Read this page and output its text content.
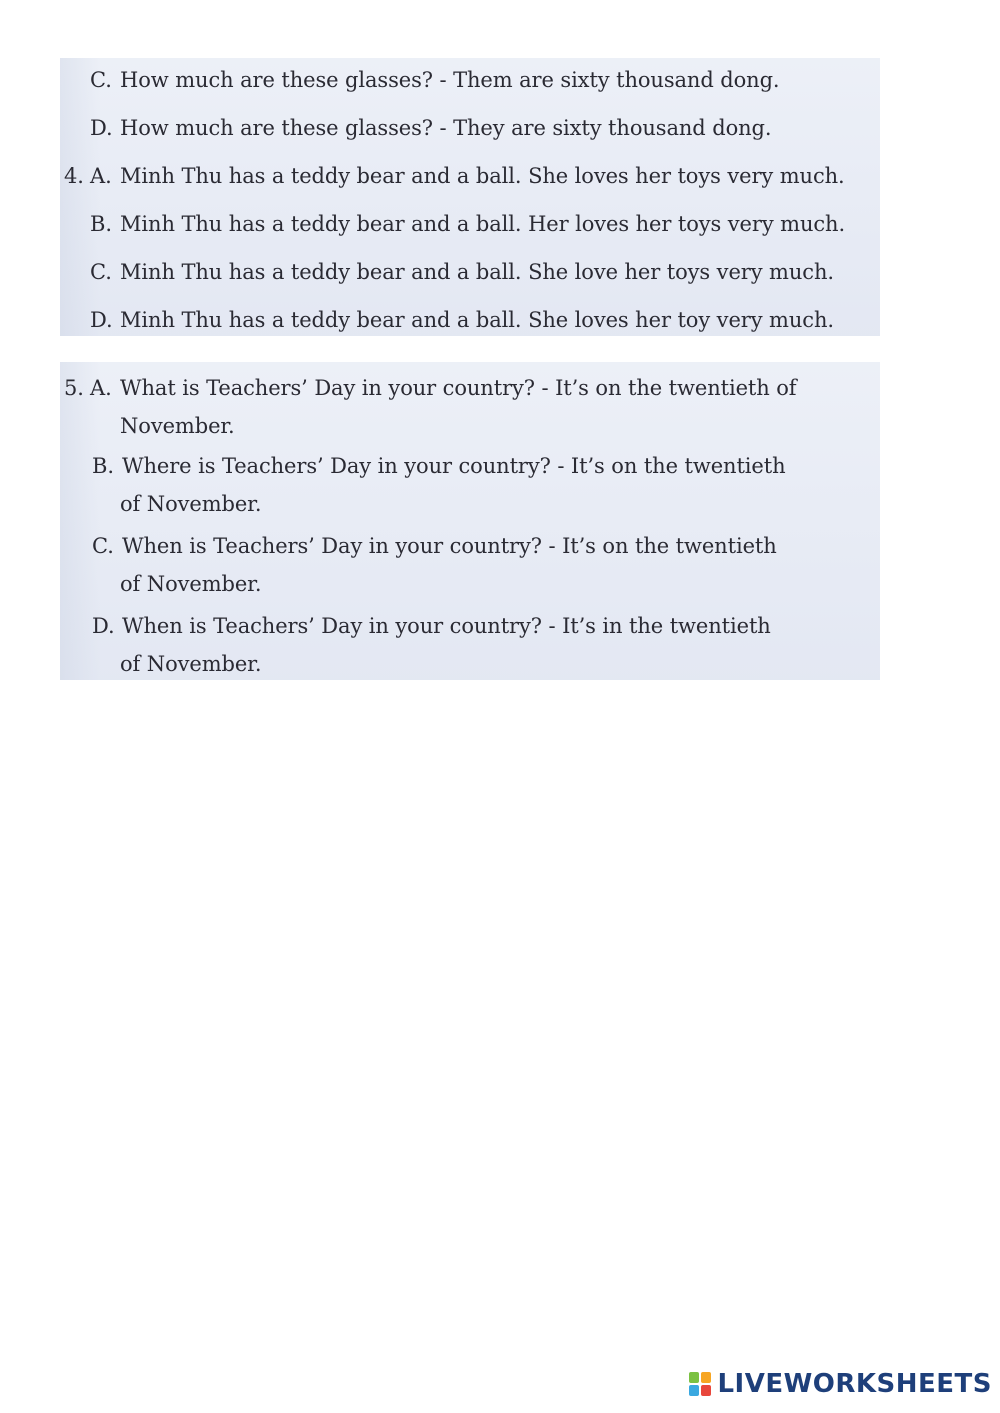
C. How much are these glasses? - Them are sixty thousand dong.
D. How much are these glasses? - They are sixty thousand dong.
4. A. Minh Thu has a teddy bear and a ball. She loves her toys very much.
B. Minh Thu has a teddy bear and a ball. Her loves her toys very much.
C. Minh Thu has a teddy bear and a ball. She love her toys very much.
D. Minh Thu has a teddy bear and a ball. She loves her toy very much.
5. A. What is Teachers’ Day in your country? - It’s on the twentieth of
November.
B. Where is Teachers’ Day in your country? - It’s on the twentieth
of November.
C. When is Teachers’ Day in your country? - It’s on the twentieth
of November.
D. When is Teachers’ Day in your country? - It’s in the twentieth
of November.
LIVEWORKSHEETS
